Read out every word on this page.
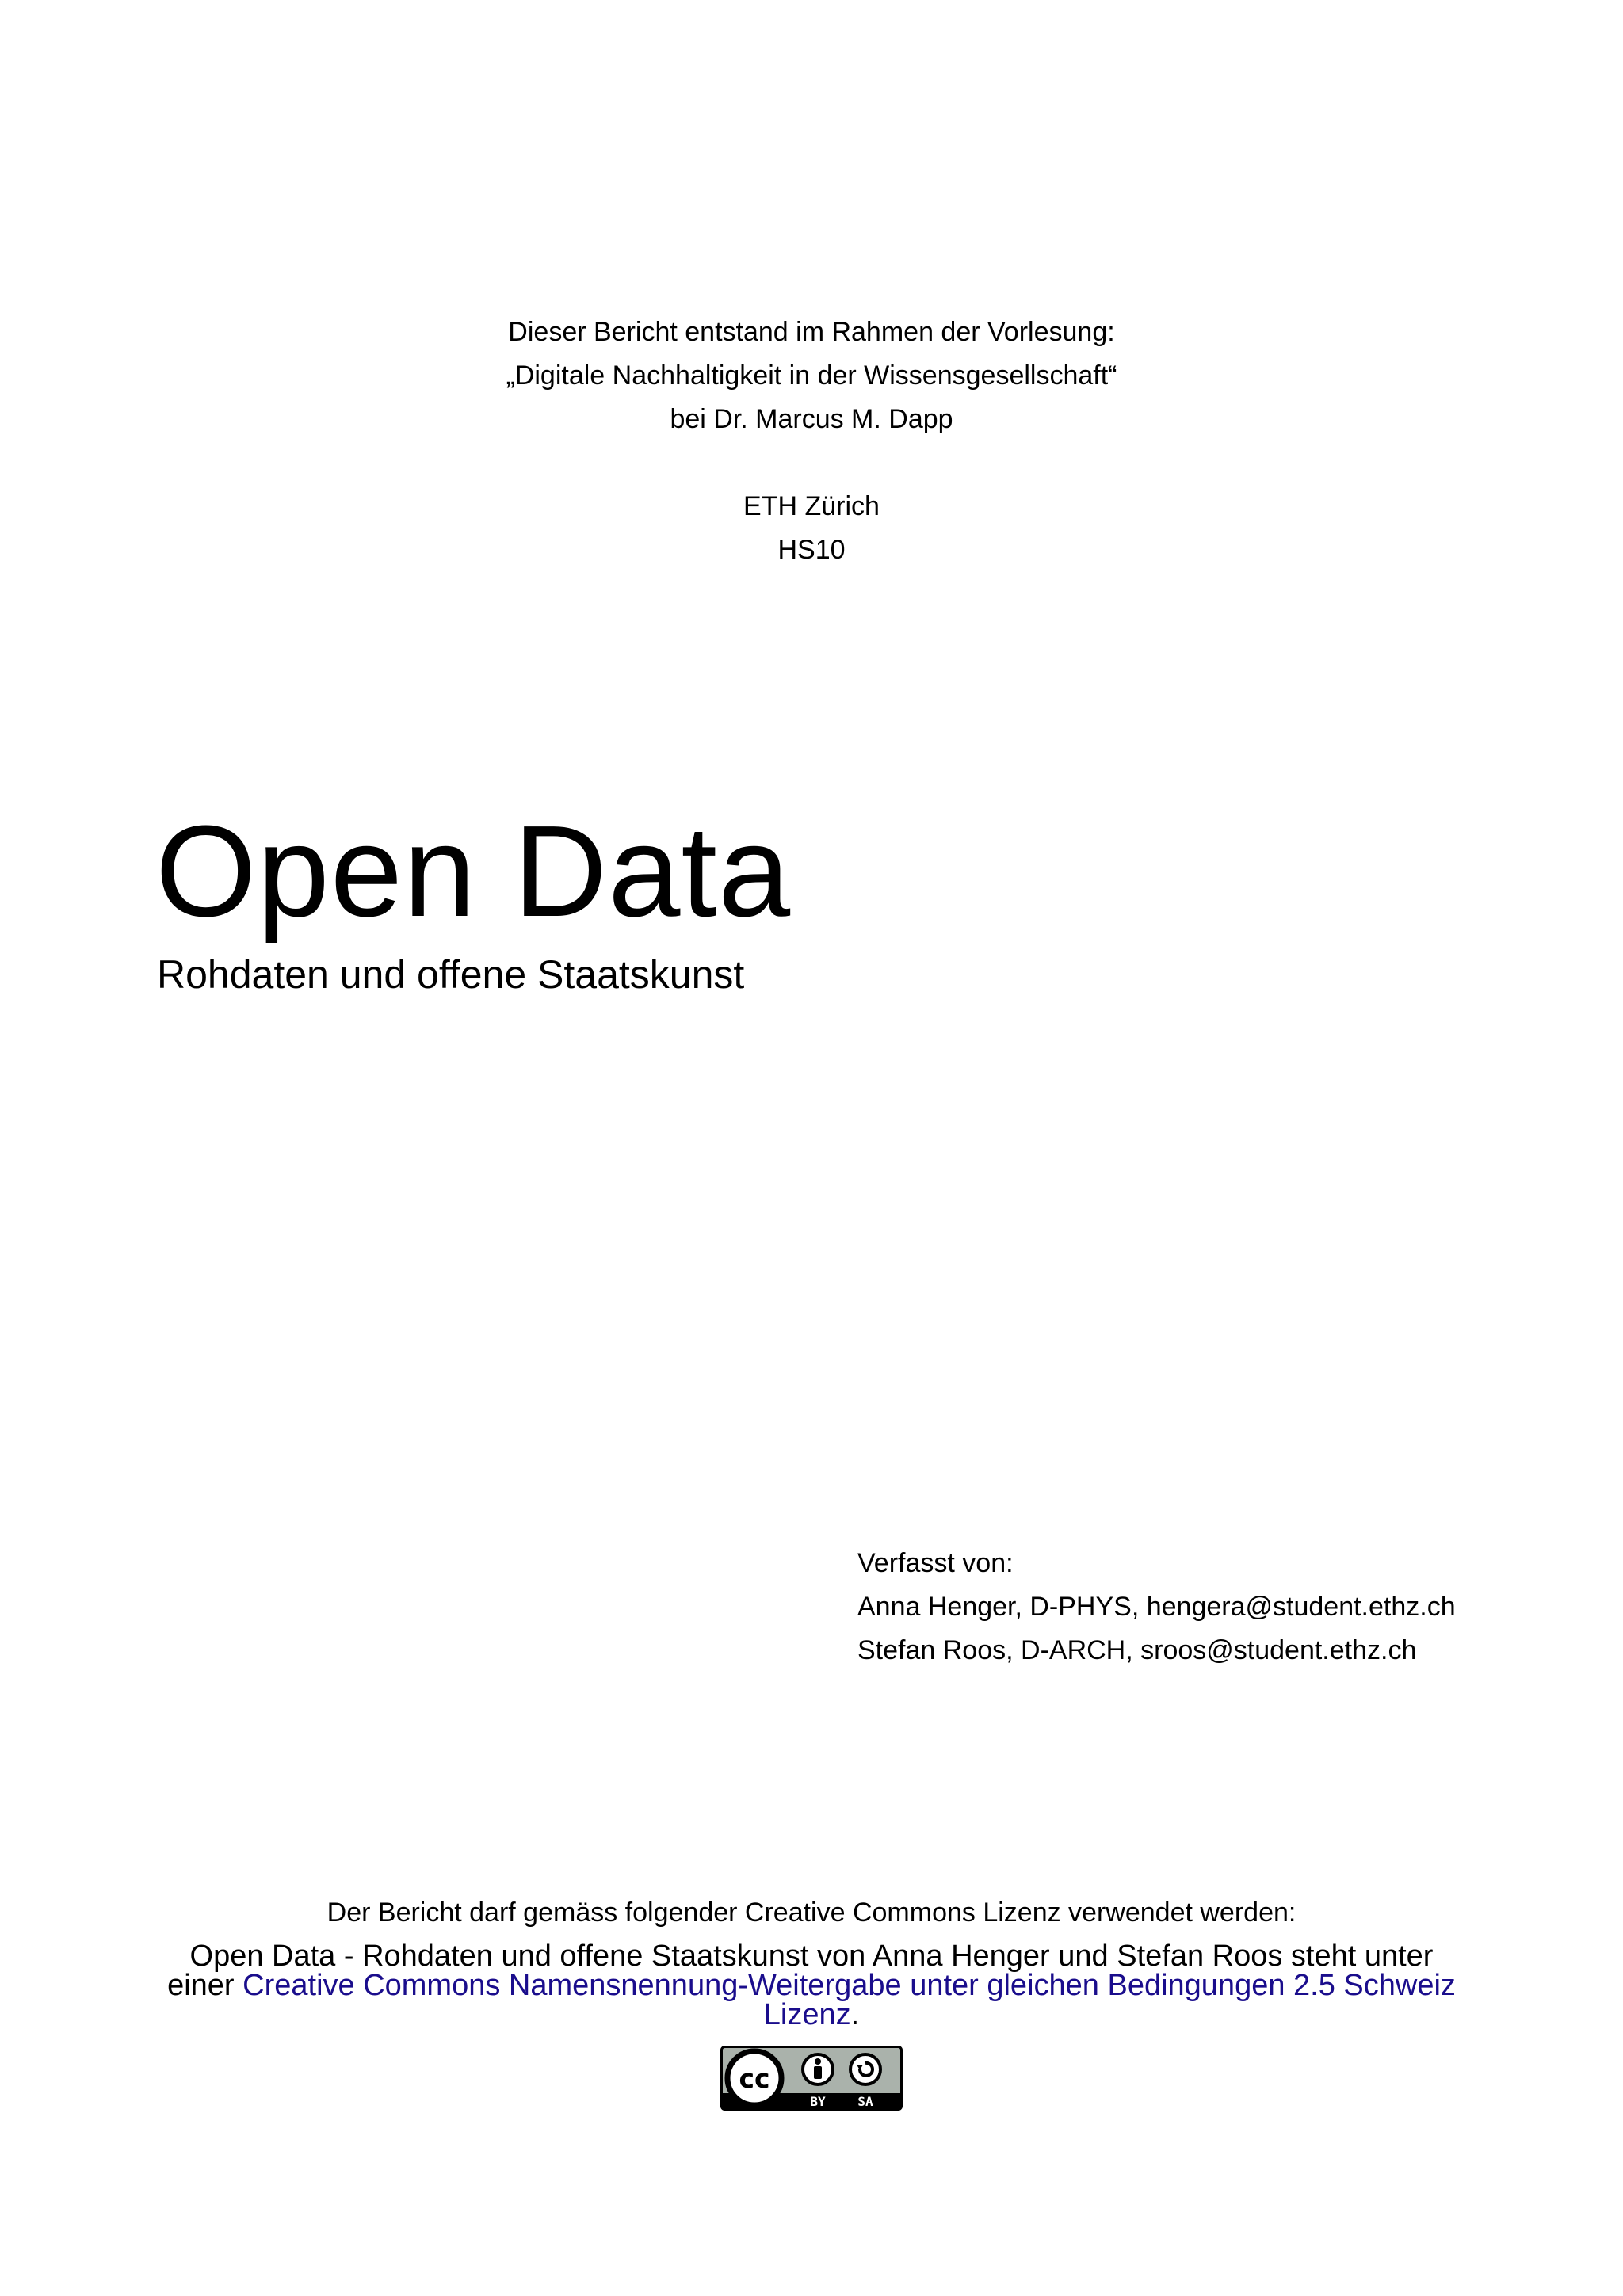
Dieser Bericht entstand im Rahmen der Vorlesung:
„Digitale Nachhaltigkeit in der Wissensgesellschaft“
bei Dr. Marcus M. Dapp
ETH Zürich
HS10
Open Data
Rohdaten und offene Staatskunst
Verfasst von:
Anna Henger, D-PHYS, hengera@student.ethz.ch
Stefan Roos, D-ARCH, sroos@student.ethz.ch
Der Bericht darf gemäss folgender Creative Commons Lizenz verwendet werden:
Open Data - Rohdaten und offene Staatskunst von Anna Henger und Stefan Roos steht unter einer Creative Commons Namensnennung-Weitergabe unter gleichen Bedingungen 2.5 Schweiz Lizenz.
cc
BY	SA
